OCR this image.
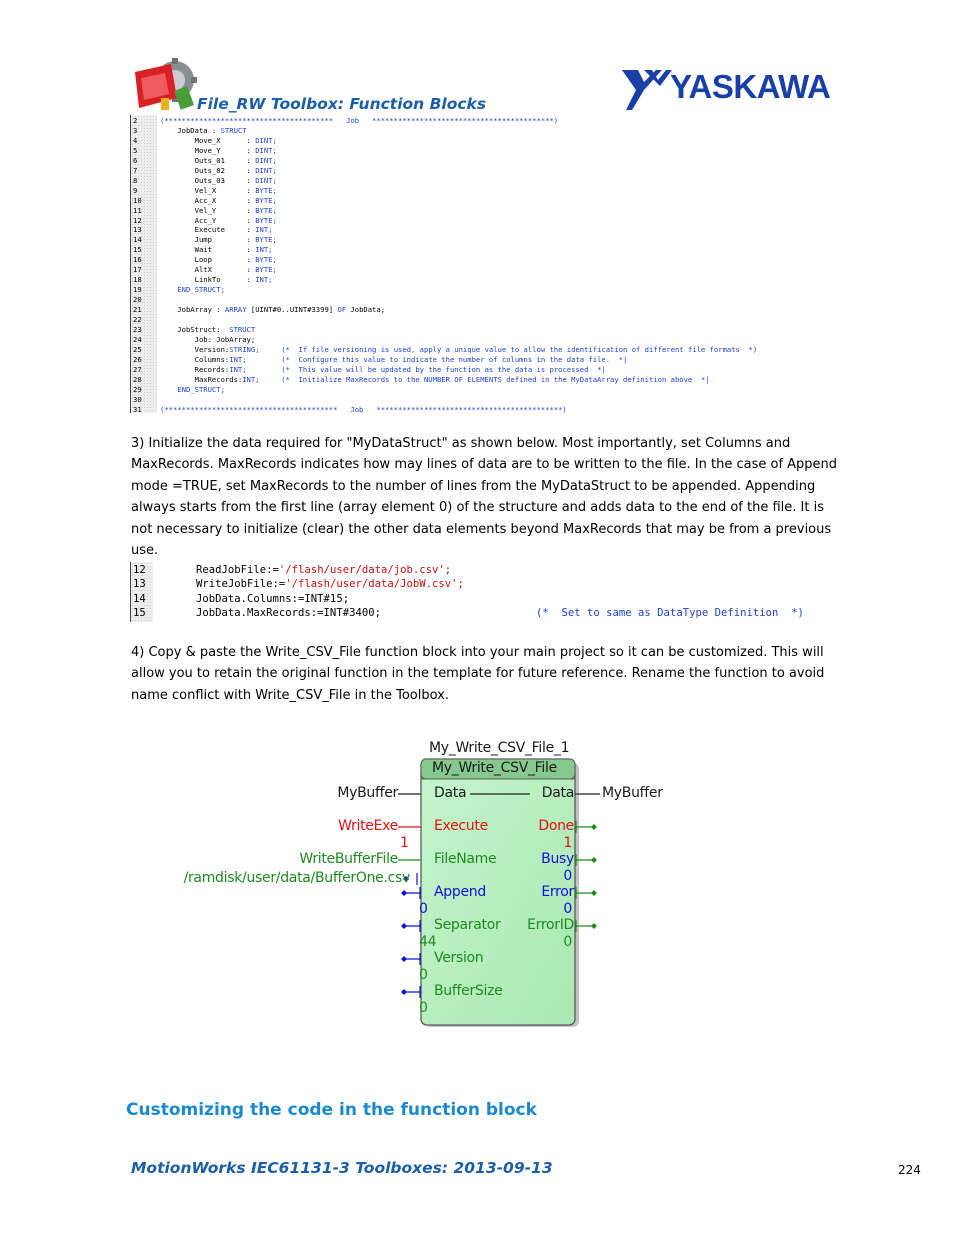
YASKAWA
File_RW Toolbox: Function Blocks
2	(***************************************   Job   ******************************************)
3	JobData : STRUCT
4	Move_X      : DINT;
5	Move_Y      : DINT;
6	Outs_01     : DINT;
7	Outs_02     : DINT;
8	Outs_03     : DINT;
9	Vel_X       : BYTE;
10	Acc_X       : BYTE;
11	Vel_Y       : BYTE;
12	Acc_Y       : BYTE;
13	Execute     : INT;
14	Jump        : BYTE;
15	Wait        : INT;
16	Loop        : BYTE;
17	AltX        : BYTE;
18	LinkTo      : INT;
19	END_STRUCT;
20
21	JobArray : ARRAY [UINT#0..UINT#3399] OF JobData;
22
23	JobStruct:  STRUCT
24	Job: JobArray;
25	Version:STRING;	(*  If file versioning is used, apply a unique value to allow the identification of different file formats  *)
26	Columns:INT;	(*  Configure this value to indicate the number of columns in the data file.  *|
27	Records:INT;	(*  This value will be updated by the function as the data is processed  *|
28	MaxRecords:INT;	(*  Initialize MaxRecords to the NUMBER OF ELEMENTS defined in the MyDataArray definition above  *|
29	END_STRUCT;
30
31	(****************************************   Job   *******************************************)
3) Initialize the data required for "MyDataStruct" as shown below. Most importantly, set Columns and MaxRecords. MaxRecords indicates how may lines of data are to be written to the file. In the case of Append mode =TRUE, set MaxRecords to the number of lines from the MyDataStruct to be appended. Appending always starts from the first line (array element 0) of the structure and adds data to the end of the file. It is not necessary to initialize (clear) the other data elements beyond MaxRecords that may be from a previous use.
12	ReadJobFile:='/flash/user/data/job.csv';
13	WriteJobFile:='/flash/user/data/JobW.csv';
14	JobData.Columns:=INT#15;
15	JobData.MaxRecords:=INT#3400;	(*  Set to same as DataType Definition  *)
4) Copy & paste the Write_CSV_File function block into your main project so it can be customized. This will allow you to retain the original function in the template for future reference. Rename the function to avoid name conflict with Write_CSV_File in the Toolbox.
My_Write_CSV_File_1
My_Write_CSV_File
Data
MyBuffer
Execute
WriteExe
1
FileName
WriteBufferFile
/ramdisk/user/data/BufferOne.csv
Append
0
Separator
44
Version
0
BufferSize
0
Data MyBuffer
Done
1
Busy
0
Error
0
ErrorID
0
Customizing the code in the function block
MotionWorks IEC61131-3 Toolboxes: 2013-09-13	224
